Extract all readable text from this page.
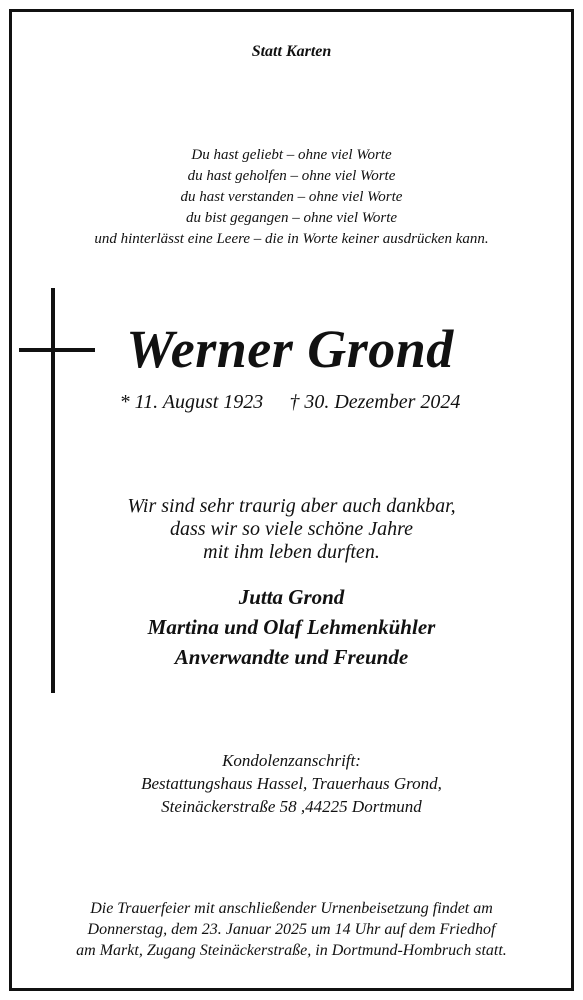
Statt Karten
Du hast geliebt – ohne viel Worte
du hast geholfen – ohne viel Worte
du hast verstanden – ohne viel Worte
du bist gegangen – ohne viel Worte
und hinterlässt eine Leere – die in Worte keiner ausdrücken kann.
Werner Grond
* 11. August 1923 † 30. Dezember 2024
Wir sind sehr traurig aber auch dankbar,
dass wir so viele schöne Jahre
mit ihm leben durften.
Jutta Grond
Martina und Olaf Lehmenkühler
Anverwandte und Freunde
Kondolenzanschrift:
Bestattungshaus Hassel, Trauerhaus Grond,
Steinäckerstraße 58 ,44225 Dortmund
Die Trauerfeier mit anschließender Urnenbeisetzung findet am
Donnerstag, dem 23. Januar 2025 um 14 Uhr auf dem Friedhof
am Markt, Zugang Steinäckerstraße, in Dortmund-Hombruch statt.
